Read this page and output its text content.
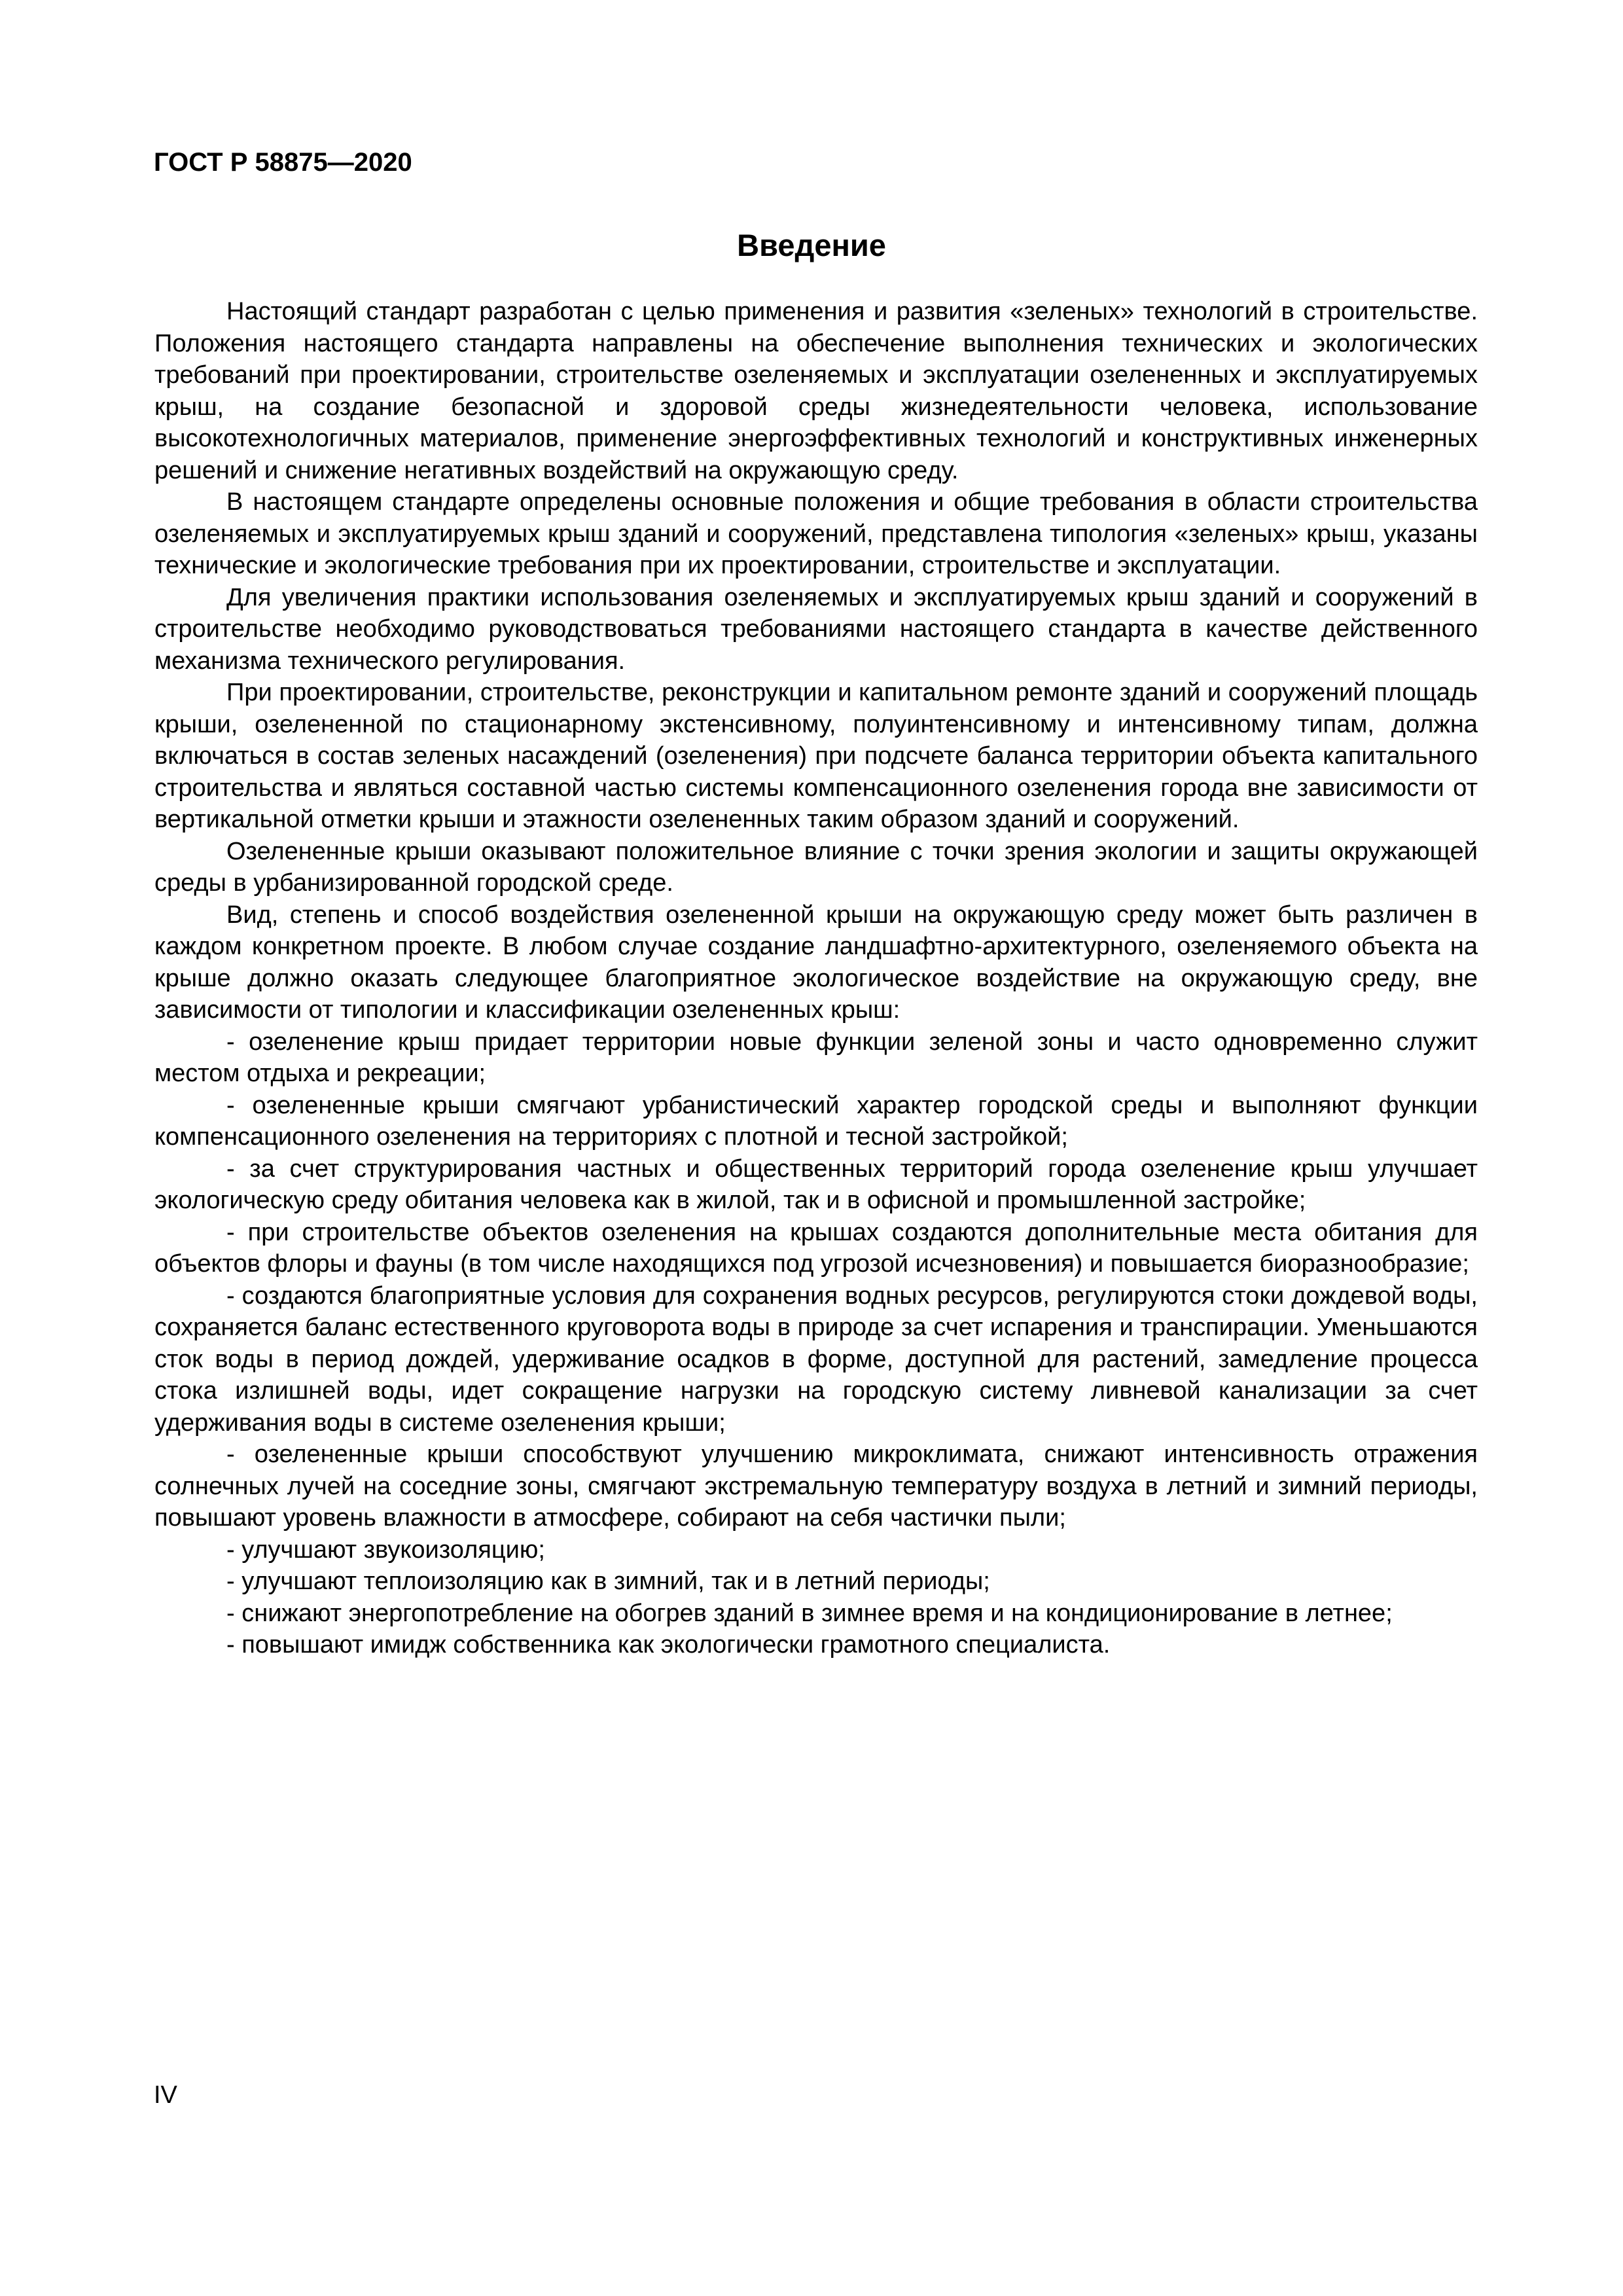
ГОСТ Р 58875—2020
Введение

Настоящий стандарт разработан с целью применения и развития «зеленых» технологий в строительстве. Положения настоящего стандарта направлены на обеспечение выполнения технических и экологических требований при проектировании, строительстве озеленяемых и эксплуатации озелененных и эксплуатируемых крыш, на создание безопасной и здоровой среды жизнедеятельности человека, использование высокотехнологичных материалов, применение энергоэффективных технологий и конструктивных инженерных решений и снижение негативных воздействий на окружающую среду.

В настоящем стандарте определены основные положения и общие требования в области строительства озеленяемых и эксплуатируемых крыш зданий и сооружений, представлена типология «зеленых» крыш, указаны технические и экологические требования при их проектировании, строительстве и эксплуатации.

Для увеличения практики использования озеленяемых и эксплуатируемых крыш зданий и сооружений в строительстве необходимо руководствоваться требованиями настоящего стандарта в качестве действенного механизма технического регулирования.

При проектировании, строительстве, реконструкции и капитальном ремонте зданий и сооружений площадь крыши, озелененной по стационарному экстенсивному, полуинтенсивному и интенсивному типам, должна включаться в состав зеленых насаждений (озеленения) при подсчете баланса территории объекта капитального строительства и являться составной частью системы компенсационного озеленения города вне зависимости от вертикальной отметки крыши и этажности озелененных таким образом зданий и сооружений.

Озелененные крыши оказывают положительное влияние с точки зрения экологии и защиты окружающей среды в урбанизированной городской среде.

Вид, степень и способ воздействия озелененной крыши на окружающую среду может быть различен в каждом конкретном проекте. В любом случае создание ландшафтно-архитектурного, озеленяемого объекта на крыше должно оказать следующее благоприятное экологическое воздействие на окружающую среду, вне зависимости от типологии и классификации озелененных крыш:

- озеленение крыш придает территории новые функции зеленой зоны и часто одновременно служит местом отдыха и рекреации;

- озелененные крыши смягчают урбанистический характер городской среды и выполняют функции компенсационного озеленения на территориях с плотной и тесной застройкой;

- за счет структурирования частных и общественных территорий города озеленение крыш улучшает экологическую среду обитания человека как в жилой, так и в офисной и промышленной застройке;

- при строительстве объектов озеленения на крышах создаются дополнительные места обитания для объектов флоры и фауны (в том числе находящихся под угрозой исчезновения) и повышается биоразнообразие;

- создаются благоприятные условия для сохранения водных ресурсов, регулируются стоки дождевой воды, сохраняется баланс естественного круговорота воды в природе за счет испарения и транспирации. Уменьшаются сток воды в период дождей, удерживание осадков в форме, доступной для растений, замедление процесса стока излишней воды, идет сокращение нагрузки на городскую систему ливневой канализации за счет удерживания воды в системе озеленения крыши;

- озелененные крыши способствуют улучшению микроклимата, снижают интенсивность отражения солнечных лучей на соседние зоны, смягчают экстремальную температуру воздуха в летний и зимний периоды, повышают уровень влажности в атмосфере, собирают на себя частички пыли;

- улучшают звукоизоляцию;

- улучшают теплоизоляцию как в зимний, так и в летний периоды;

- снижают энергопотребление на обогрев зданий в зимнее время и на кондиционирование в летнее;

- повышают имидж собственника как экологически грамотного специалиста.

IV
